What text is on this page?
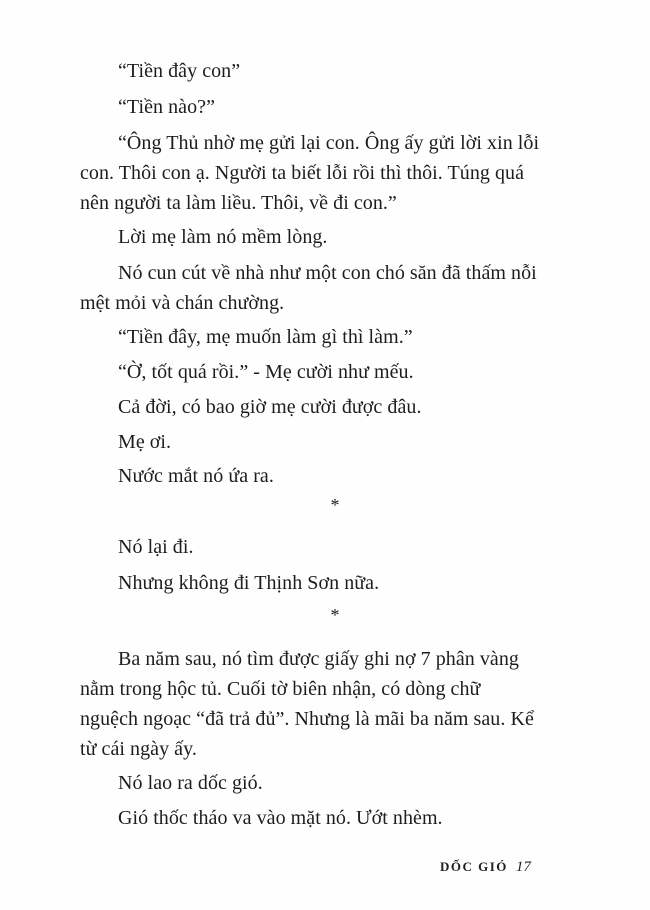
“Tiền đây con”

“Tiền nào?”

“Ông Thủ nhờ mẹ gửi lại con. Ông ấy gửi lời xin lỗi

con. Thôi con ạ. Người ta biết lỗi rồi thì thôi. Túng quá

nên người ta làm liều. Thôi, về đi con.”

Lời mẹ làm nó mềm lòng.

Nó cun cút về nhà như một con chó săn đã thấm nỗi

mệt mỏi và chán chường.

“Tiền đây, mẹ muốn làm gì thì làm.”

“Ờ, tốt quá rồi.” - Mẹ cười như mếu.

Cả đời, có bao giờ mẹ cười được đâu.

Mẹ ơi.

Nước mắt nó ứa ra.

*

Nó lại đi.

Nhưng không đi Thịnh Sơn nữa.

*

Ba năm sau, nó tìm được giấy ghi nợ 7 phân vàng

nằm trong hộc tủ. Cuối tờ biên nhận, có dòng chữ

nguệch ngoạc “đã trả đủ”. Nhưng là mãi ba năm sau. Kể

từ cái ngày ấy.

Nó lao ra dốc gió.

Gió thốc tháo va vào mặt nó. Ướt nhèm.

DỐC GIÓ 17
